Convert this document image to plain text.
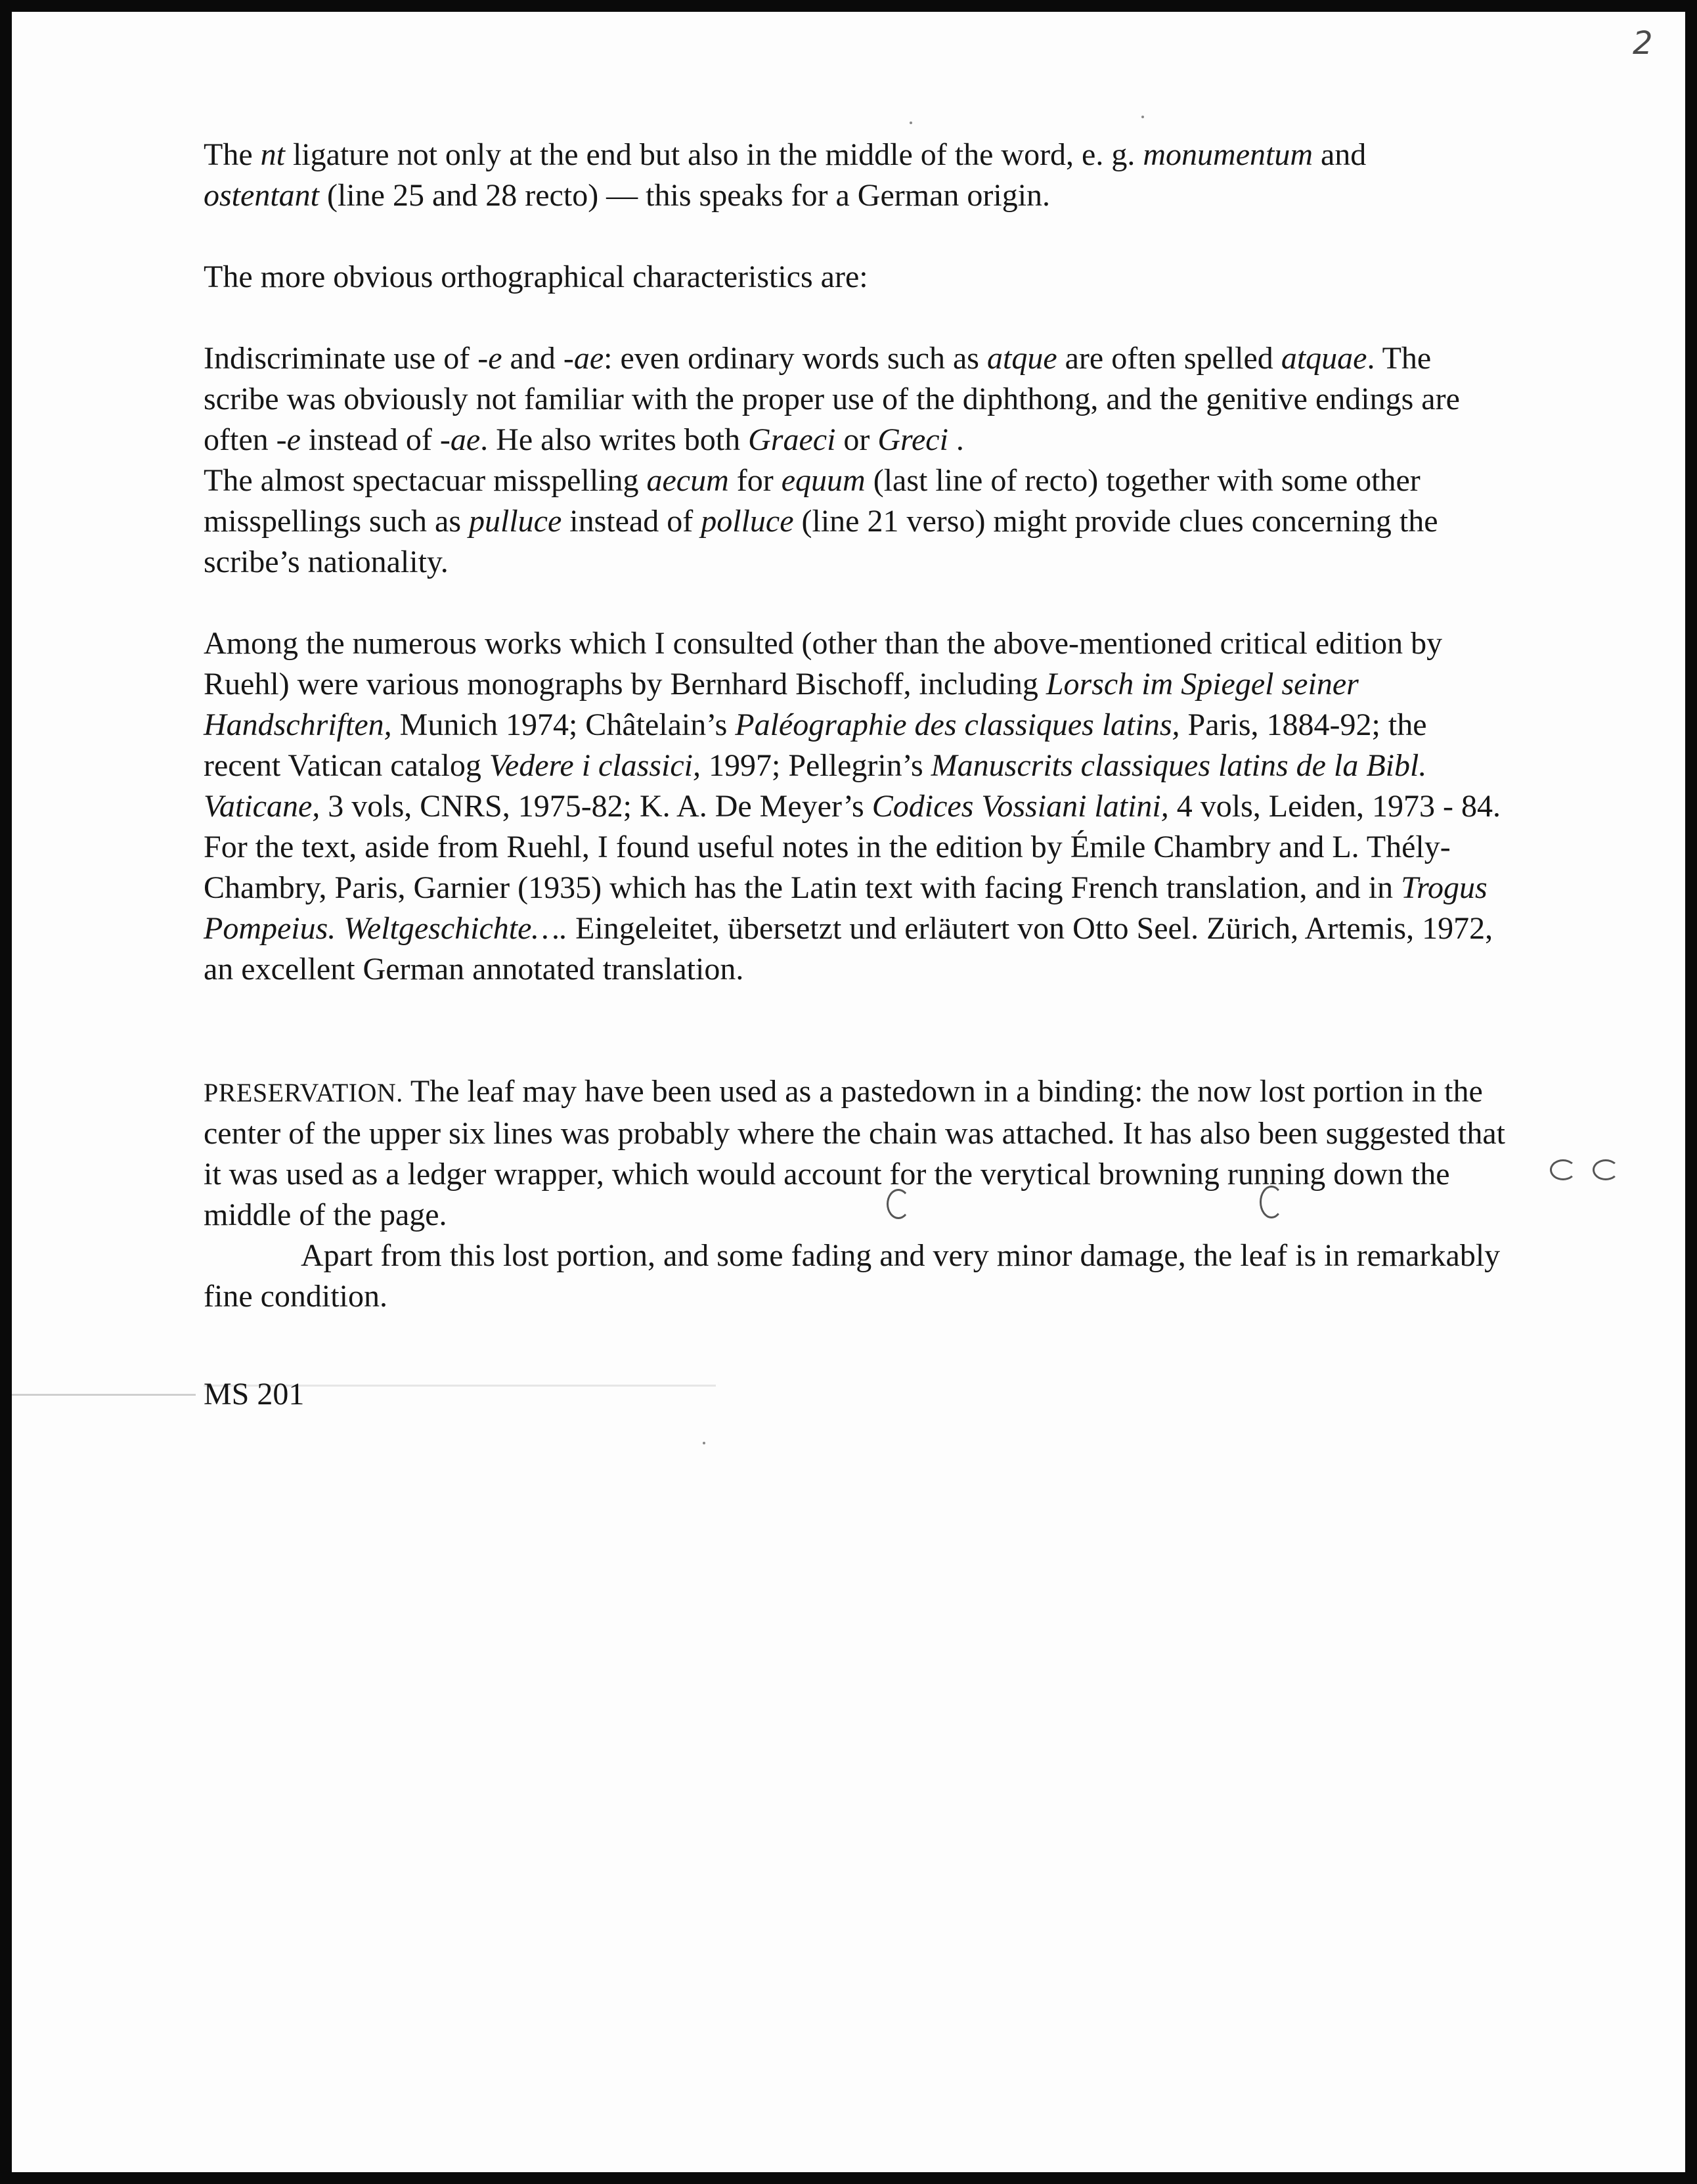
2

The nt ligature not only at the end but also in the middle of the word, e. g. monumentum and
ostentant (line 25 and 28 recto) — this speaks for a German origin.

The more obvious orthographical characteristics are:

Indiscriminate use of -e and -ae: even ordinary words such as atque are often spelled atquae. The scribe was obviously not familiar with the proper use of the diphthong, and the genitive endings are often -e instead of -ae. He also writes both Graeci or Greci .

The almost spectacuar misspelling aecum for equum (last line of recto) together with some other misspellings such as pulluce instead of polluce (line 21 verso) might provide clues concerning the scribe’s nationality.

Among the numerous works which I consulted (other than the above-mentioned critical edition by Ruehl) were various monographs by Bernhard Bischoff, including Lorsch im Spiegel seiner Handschriften, Munich 1974; Châtelain’s Paléographie des classiques latins, Paris, 1884-92; the recent Vatican catalog Vedere i classici, 1997; Pellegrin’s Manuscrits classiques latins de la Bibl. Vaticane, 3 vols, CNRS, 1975-82; K. A. De Meyer’s Codices Vossiani latini, 4 vols, Leiden, 1973 - 84. For the text, aside from Ruehl, I found useful notes in the edition by Émile Chambry and L. Thély-Chambry, Paris, Garnier (1935) which has the Latin text with facing French translation, and in Trogus Pompeius. Weltgeschichte…. Eingeleitet, übersetzt und erläutert von Otto Seel. Zürich, Artemis, 1972, an excellent German annotated translation.

PRESERVATION. The leaf may have been used as a pastedown in a binding: the now lost portion in the center of the upper six lines was probably where the chain was attached. It has also been suggested that it was used as a ledger wrapper, which would account for the verytical browning running down the middle of the page.

Apart from this lost portion, and some fading and very minor damage, the leaf is in remarkably fine condition.

MS 201
